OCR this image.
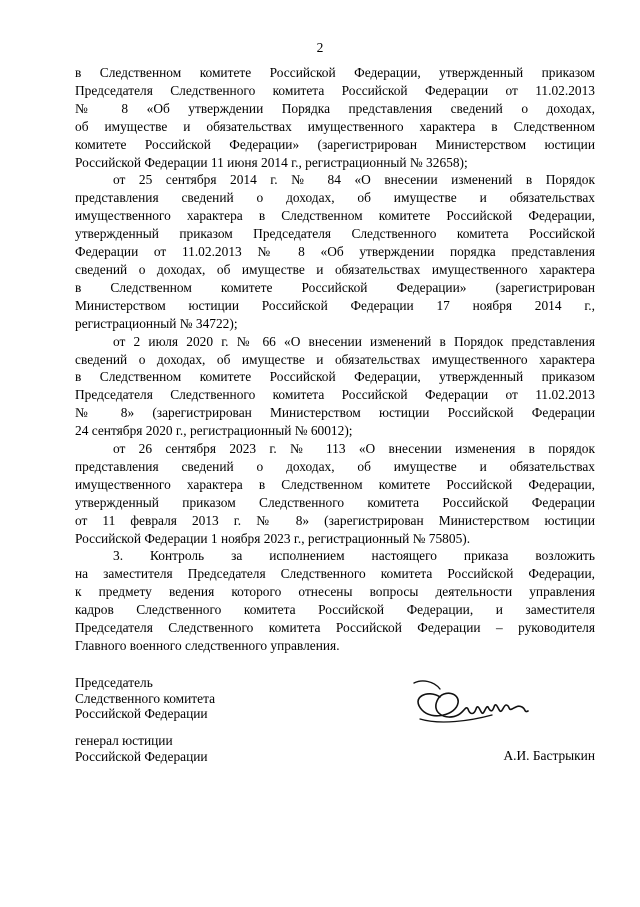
2
в Следственном комитете Российской Федерации, утвержденный приказом
Председателя Следственного комитета Российской Федерации от 11.02.2013
№ 8 «Об утверждении Порядка представления сведений о доходах,
об имуществе и обязательствах имущественного характера в Следственном
комитете Российской Федерации» (зарегистрирован Министерством юстиции
Российской Федерации 11 июня 2014 г., регистрационный № 32658);
от 25 сентября 2014 г. № 84 «О внесении изменений в Порядок
представления сведений о доходах, об имуществе и обязательствах
имущественного характера в Следственном комитете Российской Федерации,
утвержденный приказом Председателя Следственного комитета Российской
Федерации от 11.02.2013 № 8 «Об утверждении порядка представления
сведений о доходах, об имуществе и обязательствах имущественного характера
в Следственном комитете Российской Федерации» (зарегистрирован
Министерством юстиции Российской Федерации 17 ноября 2014 г.,
регистрационный № 34722);
от 2 июля 2020 г. № 66 «О внесении изменений в Порядок представления
сведений о доходах, об имуществе и обязательствах имущественного характера
в Следственном комитете Российской Федерации, утвержденный приказом
Председателя Следственного комитета Российской Федерации от 11.02.2013
№ 8» (зарегистрирован Министерством юстиции Российской Федерации
24 сентября 2020 г., регистрационный № 60012);
от 26 сентября 2023 г. № 113 «О внесении изменения в порядок
представления сведений о доходах, об имуществе и обязательствах
имущественного характера в Следственном комитете Российской Федерации,
утвержденный приказом Следственного комитета Российской Федерации
от 11 февраля 2013 г. № 8» (зарегистрирован Министерством юстиции
Российской Федерации 1 ноября 2023 г., регистрационный № 75805).
3. Контроль за исполнением настоящего приказа возложить
на заместителя Председателя Следственного комитета Российской Федерации,
к предмету ведения которого отнесены вопросы деятельности управления
кадров Следственного комитета Российской Федерации, и заместителя
Председателя Следственного комитета Российской Федерации – руководителя
Главного военного следственного управления.
Председатель
Следственного комитета
Российской Федерации
генерал юстиции
Российской Федерации	А.И. Бастрыкин
